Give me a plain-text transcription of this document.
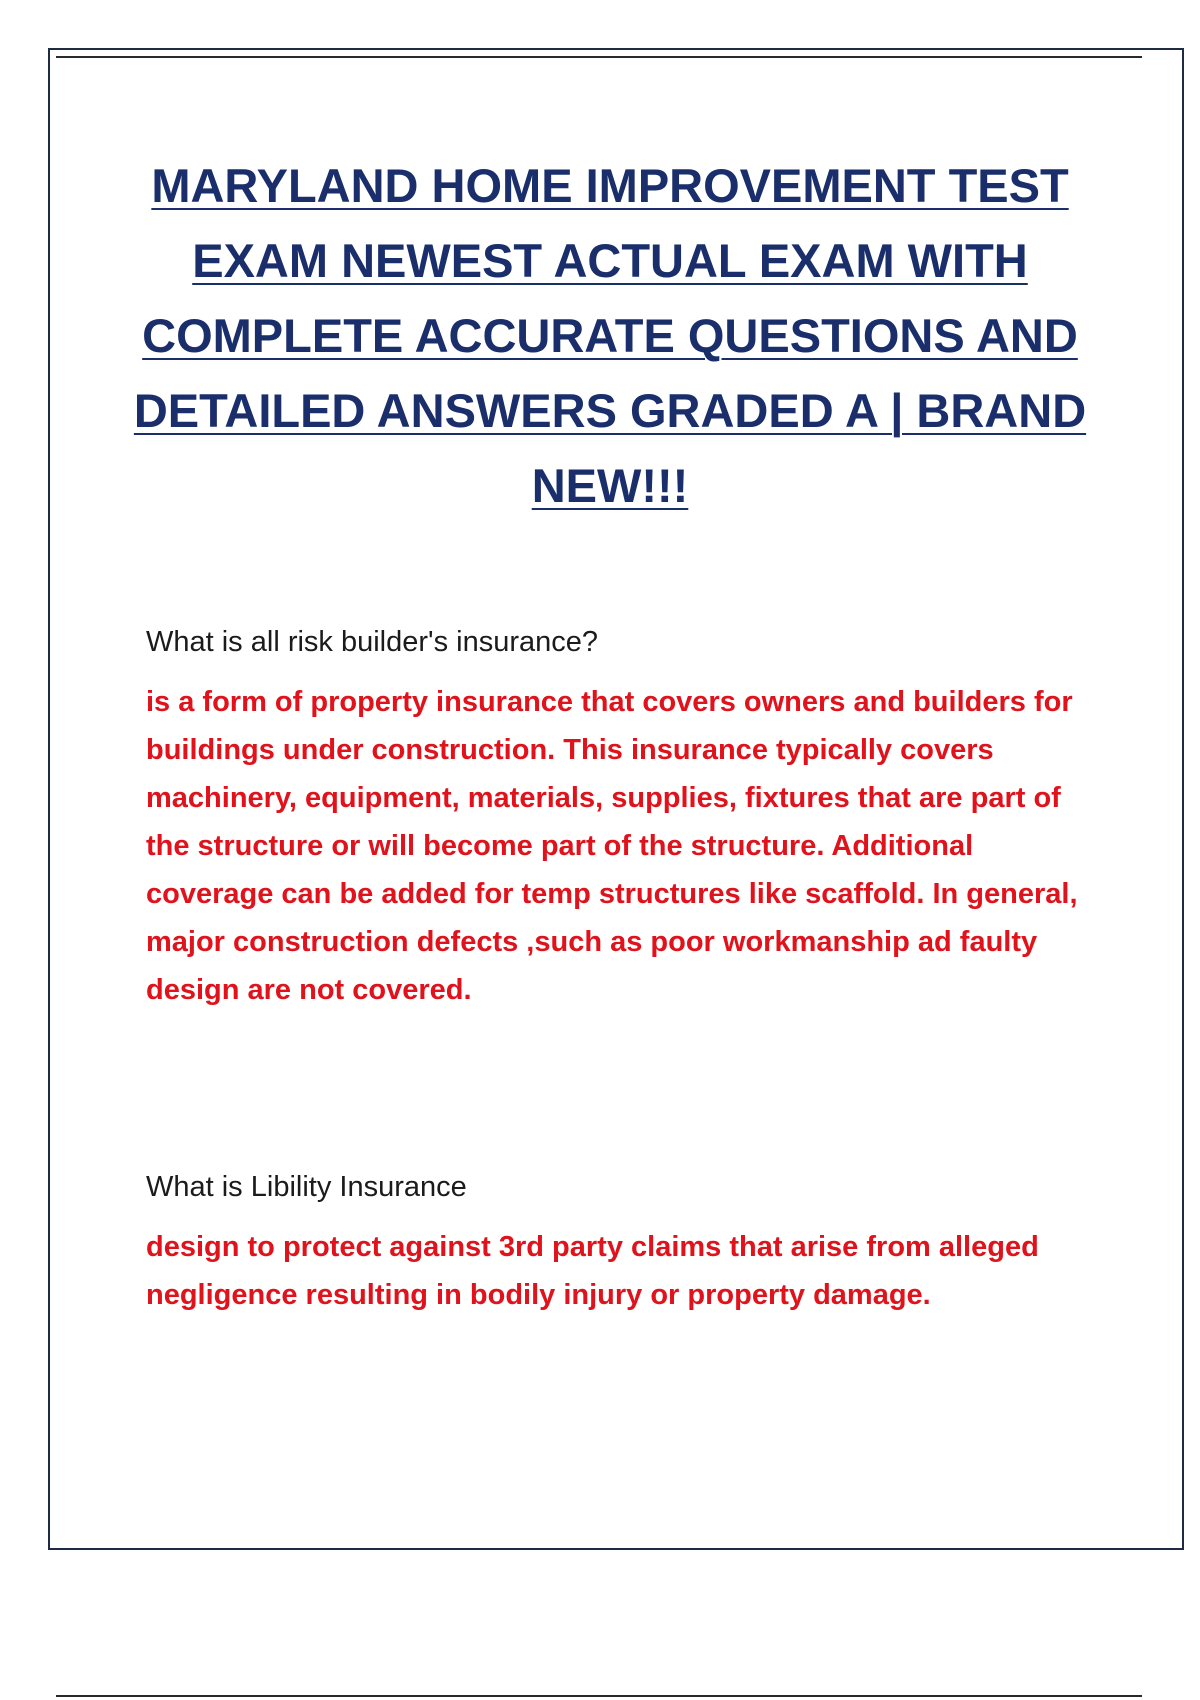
MARYLAND HOME IMPROVEMENT TEST EXAM NEWEST ACTUAL EXAM WITH COMPLETE ACCURATE QUESTIONS AND DETAILED ANSWERS GRADED A | BRAND NEW!!!

What is all risk builder's insurance?

is a form of property insurance that covers owners and builders for buildings under construction. This insurance typically covers machinery, equipment, materials, supplies, fixtures that are part of the structure or will become part of the structure. Additional coverage can be added for temp structures like scaffold. In general, major construction defects ,such as poor workmanship ad faulty design are not covered.

What is Libility Insurance

design to protect against 3rd party claims that arise from alleged negligence resulting in bodily injury or property damage.
